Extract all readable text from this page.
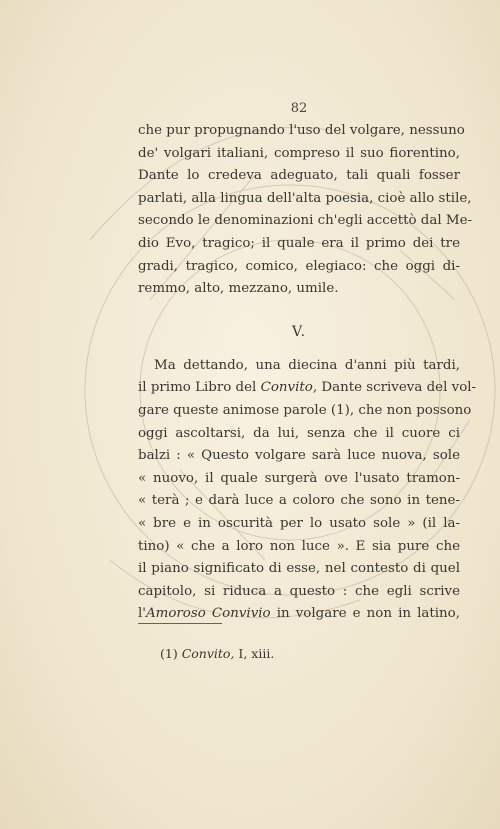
82
che pur propugnando l'uso del volgare, nessuno
de' volgari italiani, compreso il suo fiorentino,
Dante lo credeva adeguato, tali quali fosser
parlati, alla lingua dell'alta poesia, cioè allo stile,
secondo le denominazioni ch'egli accettò dal Me-
dio Evo, tragico; il quale era il primo dei tre
gradi, tragico, comico, elegiaco: che oggi di-
remmo, alto, mezzano, umile.
V.
Ma dettando, una diecina d'anni più tardi,
il primo Libro del Convito, Dante scriveva del vol-
gare queste animose parole (1), che non possono
oggi ascoltarsi, da lui, senza che il cuore ci
balzi : « Questo volgare sarà luce nuova, sole
« nuovo, il quale surgerà ove l'usato tramon-
« terà ; e darà luce a coloro che sono in tene-
« bre e in oscurità per lo usato sole » (il la-
tino) « che a loro non luce ». E sia pure che
il piano significato di esse, nel contesto di quel
capitolo, si riduca a questo : che egli scrive
l'Amoroso Convivio in volgare e non in latino,
(1) Convito, I, xiii.
